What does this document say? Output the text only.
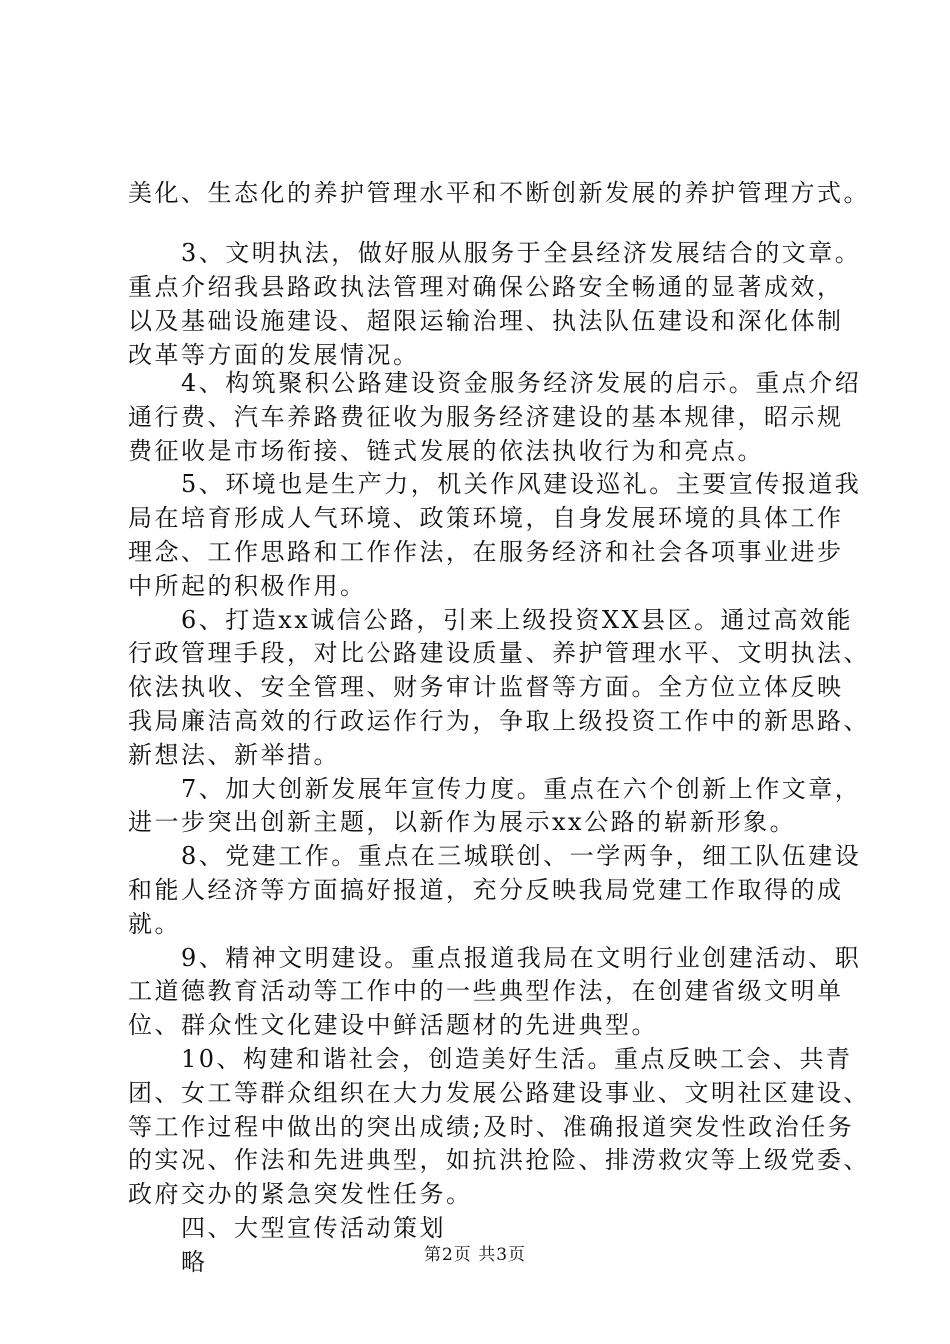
美化、生态化的养护管理水平和不断创新发展的养护管理方式。
　　3、文明执法，做好服从服务于全县经济发展结合的文章。
重点介绍我县路政执法管理对确保公路安全畅通的显著成效，
以及基础设施建设、超限运输治理、执法队伍建设和深化体制
改革等方面的发展情况。
　　4、构筑聚积公路建设资金服务经济发展的启示。重点介绍
通行费、汽车养路费征收为服务经济建设的基本规律，昭示规
费征收是市场衔接、链式发展的依法执收行为和亮点。
　　5、环境也是生产力，机关作风建设巡礼。主要宣传报道我
局在培育形成人气环境、政策环境，自身发展环境的具体工作
理念、工作思路和工作作法，在服务经济和社会各项事业进步
中所起的积极作用。
　　6、打造xx诚信公路，引来上级投资XX县区。通过高效能
行政管理手段，对比公路建设质量、养护管理水平、文明执法、
依法执收、安全管理、财务审计监督等方面。全方位立体反映
我局廉洁高效的行政运作行为，争取上级投资工作中的新思路、
新想法、新举措。
　　7、加大创新发展年宣传力度。重点在六个创新上作文章，
进一步突出创新主题，以新作为展示xx公路的崭新形象。
　　8、党建工作。重点在三城联创、一学两争，细工队伍建设
和能人经济等方面搞好报道，充分反映我局党建工作取得的成
就。
　　9、精神文明建设。重点报道我局在文明行业创建活动、职
工道德教育活动等工作中的一些典型作法，在创建省级文明单
位、群众性文化建设中鲜活题材的先进典型。
　　10、构建和谐社会，创造美好生活。重点反映工会、共青
团、女工等群众组织在大力发展公路建设事业、文明社区建设、
等工作过程中做出的突出成绩;及时、准确报道突发性政治任务
的实况、作法和先进典型，如抗洪抢险、排涝救灾等上级党委、
政府交办的紧急突发性任务。
　　四、大型宣传活动策划
　　略	第2页 共3页
